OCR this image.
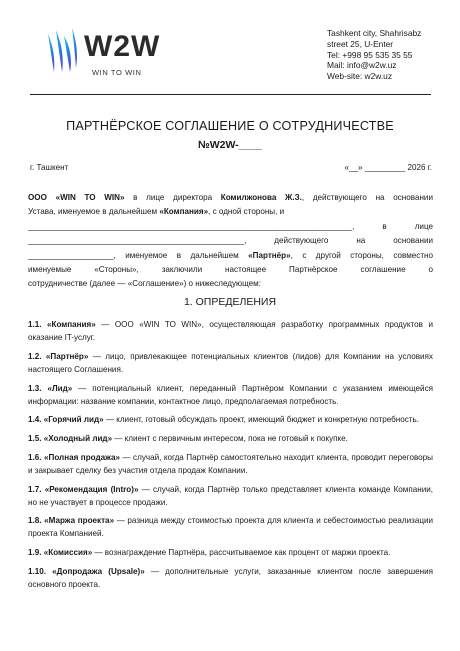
W2W
WIN TO WIN
Tashkent city, Shahrisabz
street 25, U-Enter
Tel: +998 95 535 35 55
Mail: info@w2w.uz
Web-site: w2w.uz
ПАРТНЁРСКОЕ СОГЛАШЕНИЕ О СОТРУДНИЧЕСТВЕ
№W2W-____
г. Ташкент	«__» _________ 2026 г.

ООО «WIN TO WIN» в лице директора Комилжонова Ж.З., действующего на основании

Устава, именуемое в дальнейшем «Компания», с одной стороны, и

________________________________________________________________________,	в	лице

________________________________________________,	действующего	на	основании

___________________, именуемое в дальнейшем «Партнёр», с другой стороны, совместно

именуемые «Стороны», заключили настоящее Партнёрское соглашение о

сотрудничестве (далее — «Соглашение») о нижеследующем:

1. ОПРЕДЕЛЕНИЯ

1.1. «Компания» — ООО «WIN TO WIN», осуществляющая разработку программных продуктов и оказание IT-услуг.

1.2. «Партнёр» — лицо, привлекающее потенциальных клиентов (лидов) для Компании на условиях настоящего Соглашения.

1.3. «Лид» — потенциальный клиент, переданный Партнёром Компании с указанием имеющейся информации: название компании, контактное лицо, предполагаемая потребность.

1.4. «Горячий лид» — клиент, готовый обсуждать проект, имеющий бюджет и конкретную потребность.

1.5. «Холодный лид» — клиент с первичным интересом, пока не готовый к покупке.

1.6. «Полная продажа» — случай, когда Партнёр самостоятельно находит клиента, проводит переговоры и закрывает сделку без участия отдела продаж Компании.

1.7. «Рекомендация (Intro)» — случай, когда Партнёр только представляет клиента команде Компании, но не участвует в процессе продажи.

1.8. «Маржа проекта» — разница между стоимостью проекта для клиента и себестоимостью реализации проекта Компанией.

1.9. «Комиссия» — вознаграждение Партнёра, рассчитываемое как процент от маржи проекта.

1.10. «Допродажа (Upsale)» — дополнительные услуги, заказанные клиентом после завершения основного проекта.
